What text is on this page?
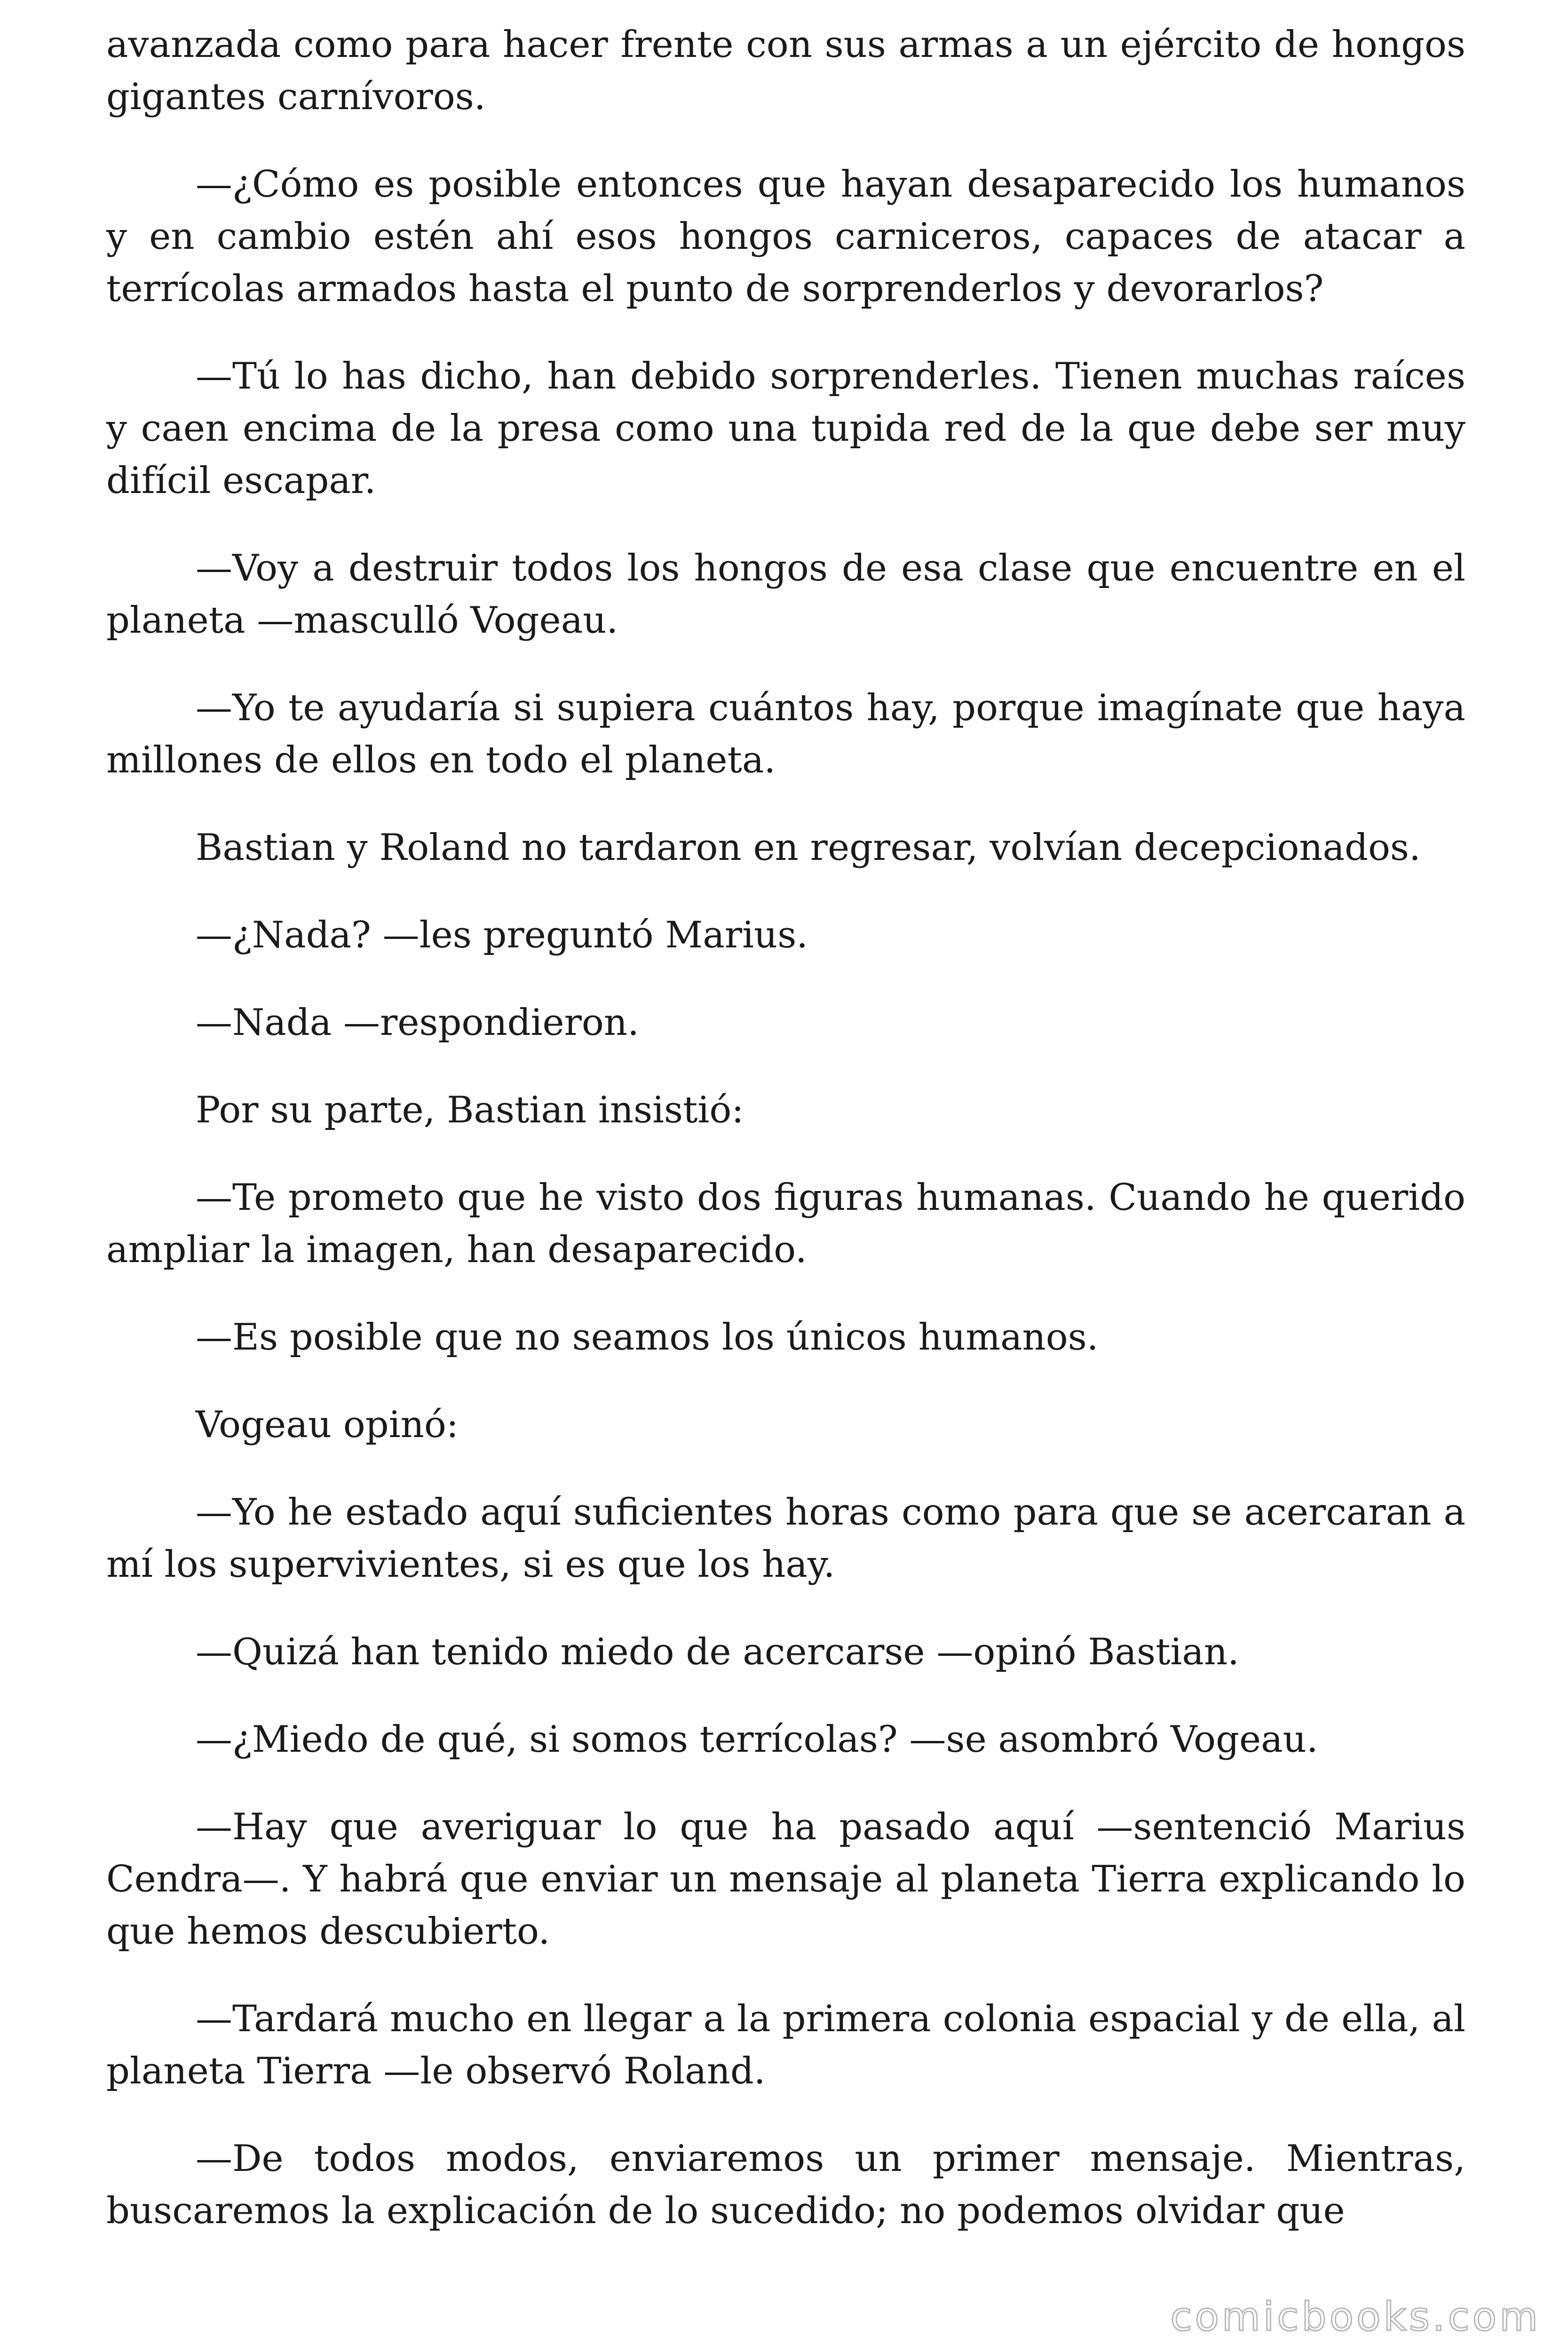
avanzada como para hacer frente con sus armas a un ejército de hongos gigantes carnívoros.

—¿Cómo es posible entonces que hayan desaparecido los humanos y en cambio estén ahí esos hongos carniceros, capaces de atacar a terrícolas armados hasta el punto de sorprenderlos y devorarlos?

—Tú lo has dicho, han debido sorprenderles. Tienen muchas raíces y caen encima de la presa como una tupida red de la que debe ser muy difícil escapar.

—Voy a destruir todos los hongos de esa clase que encuentre en el planeta —masculló Vogeau.

—Yo te ayudaría si supiera cuántos hay, porque imagínate que haya millones de ellos en todo el planeta.

Bastian y Roland no tardaron en regresar, volvían decepcionados.

—¿Nada? —les preguntó Marius.

—Nada —respondieron.

Por su parte, Bastian insistió:

—Te prometo que he visto dos figuras humanas. Cuando he querido ampliar la imagen, han desaparecido.

—Es posible que no seamos los únicos humanos.

Vogeau opinó:

—Yo he estado aquí suficientes horas como para que se acercaran a mí los supervivientes, si es que los hay.

—Quizá han tenido miedo de acercarse —opinó Bastian.

—¿Miedo de qué, si somos terrícolas? —se asombró Vogeau.

—Hay que averiguar lo que ha pasado aquí —sentenció Marius Cendra—. Y habrá que enviar un mensaje al planeta Tierra explicando lo que hemos descubierto.

—Tardará mucho en llegar a la primera colonia espacial y de ella, al planeta Tierra —le observó Roland.

—De todos modos, enviaremos un primer mensaje. Mientras, buscaremos la explicación de lo sucedido; no podemos olvidar que

comicbooks.com
